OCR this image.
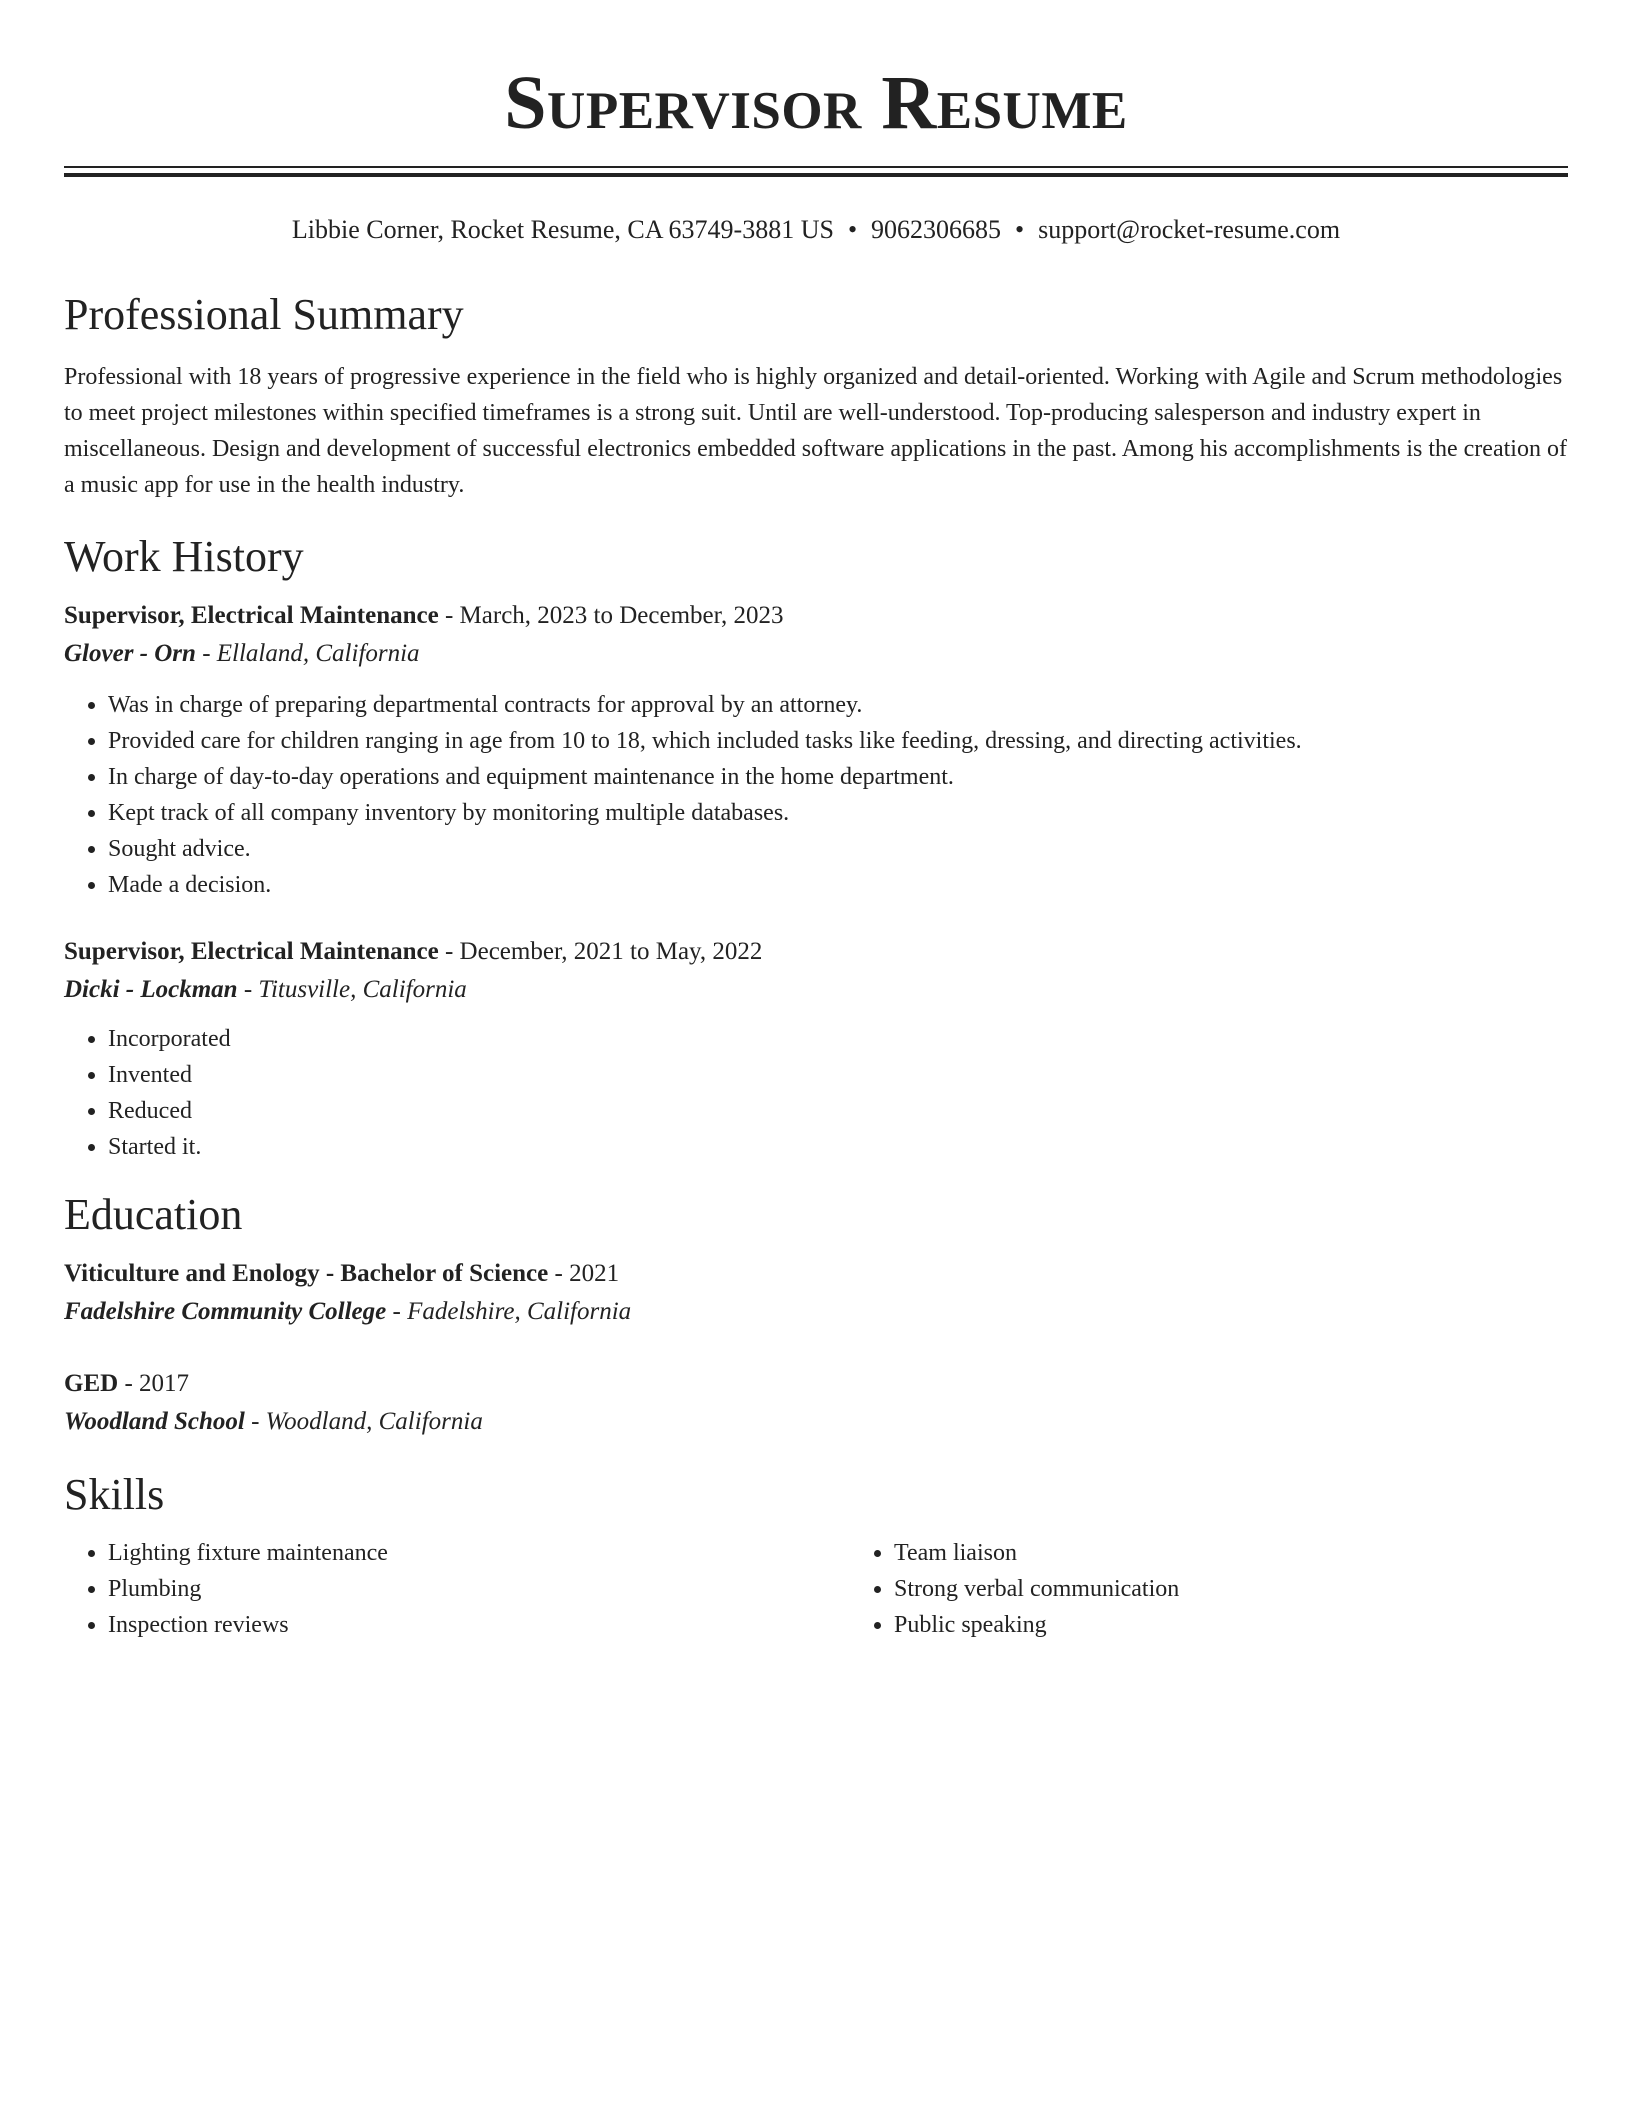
Supervisor Resume
Libbie Corner, Rocket Resume, CA 63749-3881 US • 9062306685 • support@rocket-resume.com
Professional Summary

Professional with 18 years of progressive experience in the field who is highly organized and detail-oriented. Working with Agile and Scrum methodologies to meet project milestones within specified timeframes is a strong suit. Until are well-understood. Top-producing salesperson and industry expert in miscellaneous. Design and development of successful electronics embedded software applications in the past. Among his accomplishments is the creation of a music app for use in the health industry.

Work History
Supervisor, Electrical Maintenance - March, 2023 to December, 2023
Glover - Orn - Ellaland, California
• Was in charge of preparing departmental contracts for approval by an attorney.
• Provided care for children ranging in age from 10 to 18, which included tasks like feeding, dressing, and directing activities.
• In charge of day-to-day operations and equipment maintenance in the home department.
• Kept track of all company inventory by monitoring multiple databases.
• Sought advice.
• Made a decision.
Supervisor, Electrical Maintenance - December, 2021 to May, 2022
Dicki - Lockman - Titusville, California
• Incorporated
• Invented
• Reduced
• Started it.
Education
Viticulture and Enology - Bachelor of Science - 2021
Fadelshire Community College - Fadelshire, California
GED - 2017
Woodland School - Woodland, California
Skills
• Lighting fixture maintenance
• Plumbing
• Inspection reviews
• Team liaison
• Strong verbal communication
• Public speaking
